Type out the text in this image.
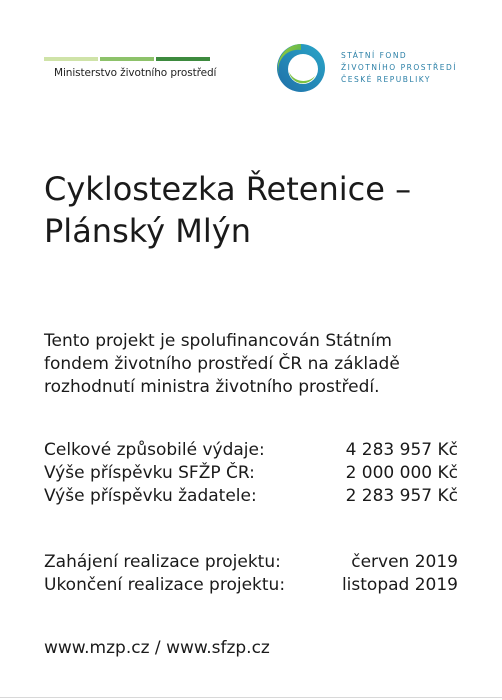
Ministerstvo životního prostředí
STÁTNÍ FOND
ŽIVOTNÍHO PROSTŘEDÍ
ČESKÉ REPUBLIKY
Cyklostezka Řetenice –
Plánský Mlýn

Tento projekt je spolufinancován Státním
fondem životního prostředí ČR na základě
rozhodnutí ministra životního prostředí.

Celkové způsobilé výdaje:	4 283 957 Kč
Výše příspěvku SFŽP ČR:	2 000 000 Kč
Výše příspěvku žadatele:	2 283 957 Kč
Zahájení realizace projektu:	červen 2019
Ukončení realizace projektu:	listopad 2019
www.mzp.cz / www.sfzp.cz
